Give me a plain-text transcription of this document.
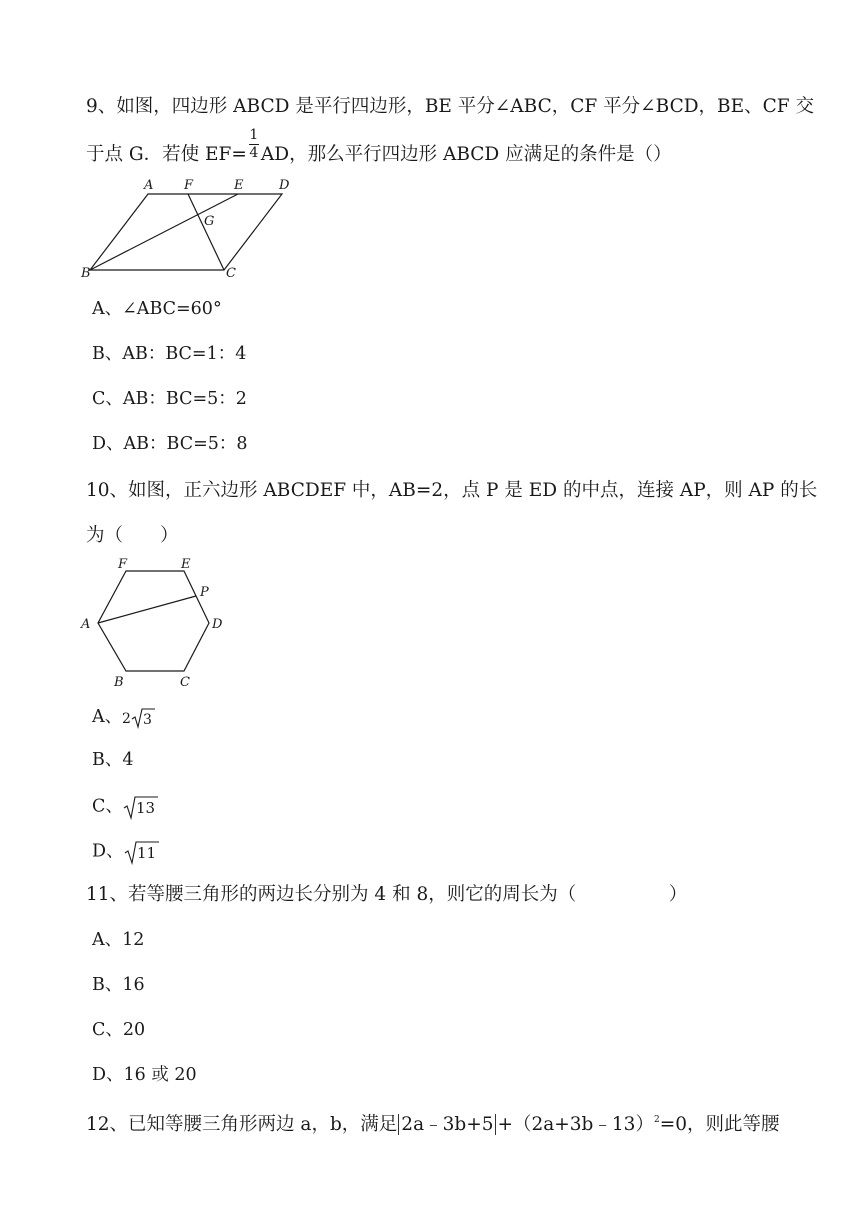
9、如图，四边形 ABCD 是平行四边形，BE 平分∠ABC，CF 平分∠BCD，BE、CF 交
于点 G．若使 $EF= \frac{1}{4}$ AD，那么平行四边形 ABCD 应满足的条件是（）
A F	E	D
G
B	C
A、∠ABC=60°
B、AB：BC=1：4
C、AB：BC=5：2
D、AB：BC=5：8
10、如图，正六边形 ABCDEF 中，AB=2，点 P 是 ED 的中点，连接 AP，则 AP 的长
为（　　）
F	E
P
A	D
B	C
A、 2 3
B、4
C、 13
D、 11
11、若等腰三角形的两边长分别为 4 和 8，则它的周长为（　　　　　）
A、12
B、16
C、20
D、16 或 20
12、已知等腰三角形两边 a，b，满足 2a﹣3b+5 +（2a+3b﹣13）$^2$=0，则此等腰
